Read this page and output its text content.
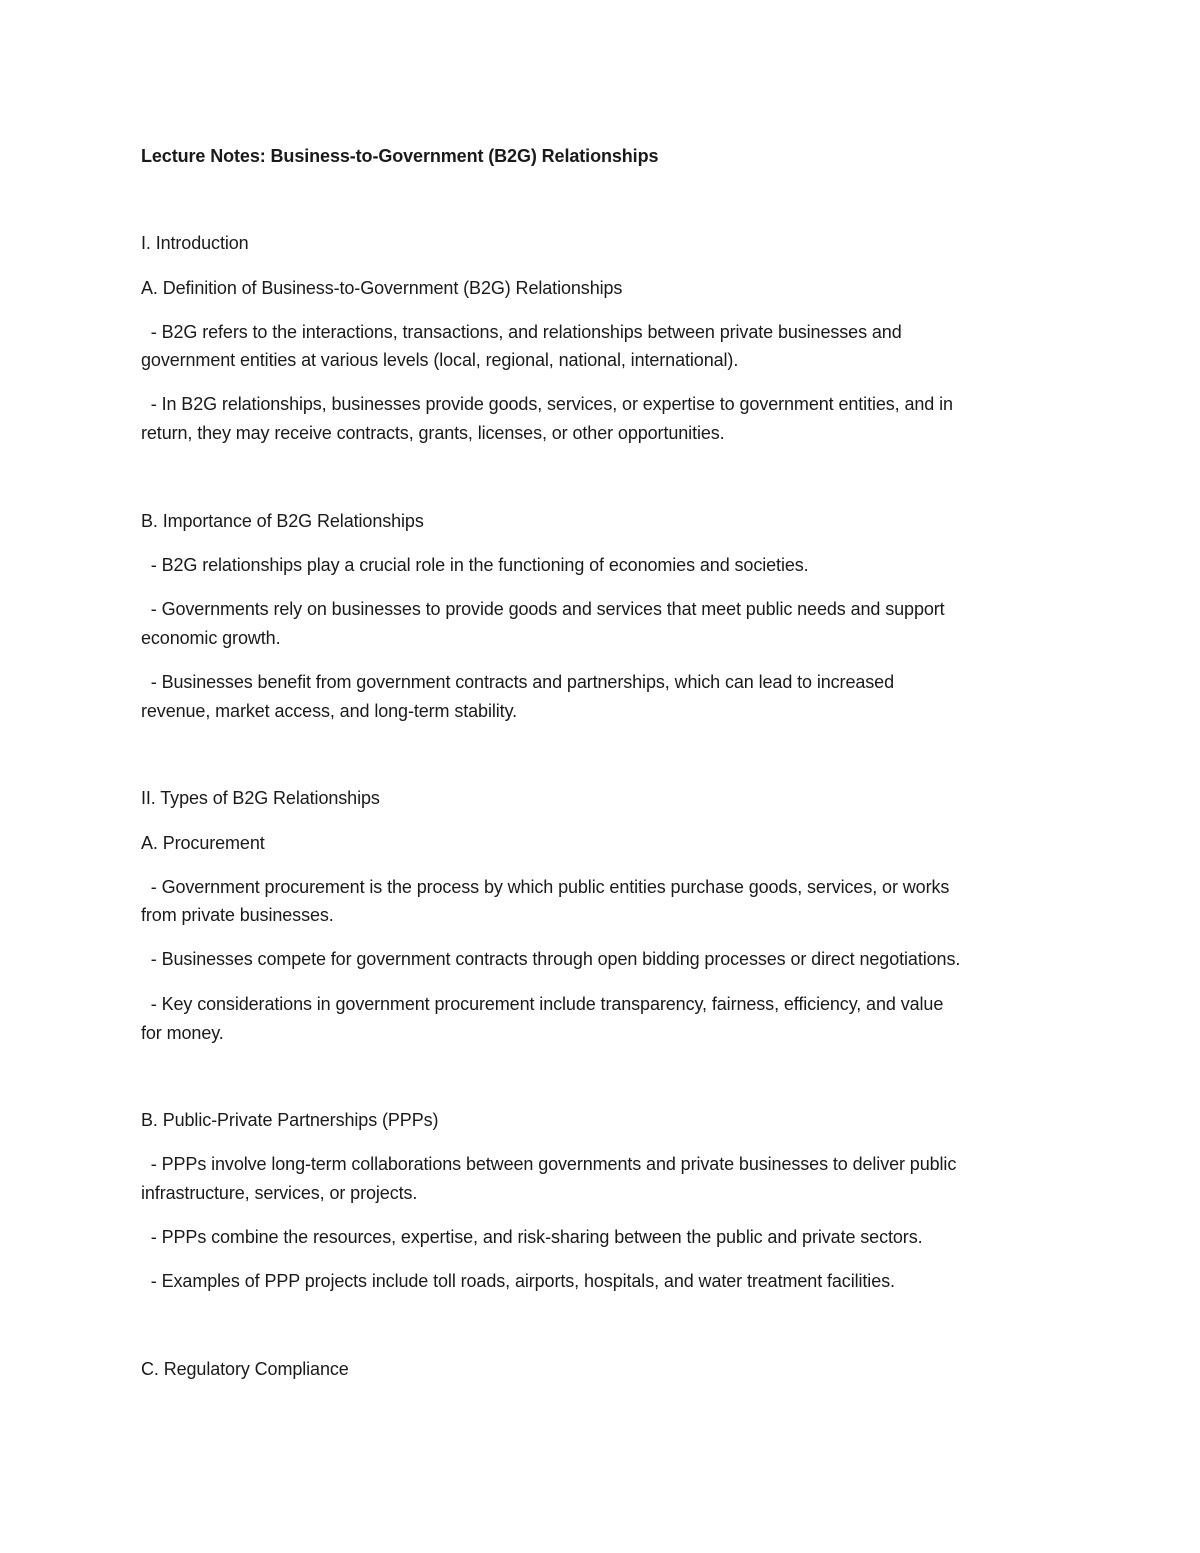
Lecture Notes: Business-to-Government (B2G) Relationships
I. Introduction
A. Definition of Business-to-Government (B2G) Relationships
- B2G refers to the interactions, transactions, and relationships between private businesses and
government entities at various levels (local, regional, national, international).
- In B2G relationships, businesses provide goods, services, or expertise to government entities, and in
return, they may receive contracts, grants, licenses, or other opportunities.
B. Importance of B2G Relationships
- B2G relationships play a crucial role in the functioning of economies and societies.
- Governments rely on businesses to provide goods and services that meet public needs and support
economic growth.
- Businesses benefit from government contracts and partnerships, which can lead to increased
revenue, market access, and long-term stability.
II. Types of B2G Relationships
A. Procurement
- Government procurement is the process by which public entities purchase goods, services, or works
from private businesses.
- Businesses compete for government contracts through open bidding processes or direct negotiations.
- Key considerations in government procurement include transparency, fairness, efficiency, and value
for money.
B. Public-Private Partnerships (PPPs)
- PPPs involve long-term collaborations between governments and private businesses to deliver public
infrastructure, services, or projects.
- PPPs combine the resources, expertise, and risk-sharing between the public and private sectors.
- Examples of PPP projects include toll roads, airports, hospitals, and water treatment facilities.
C. Regulatory Compliance
